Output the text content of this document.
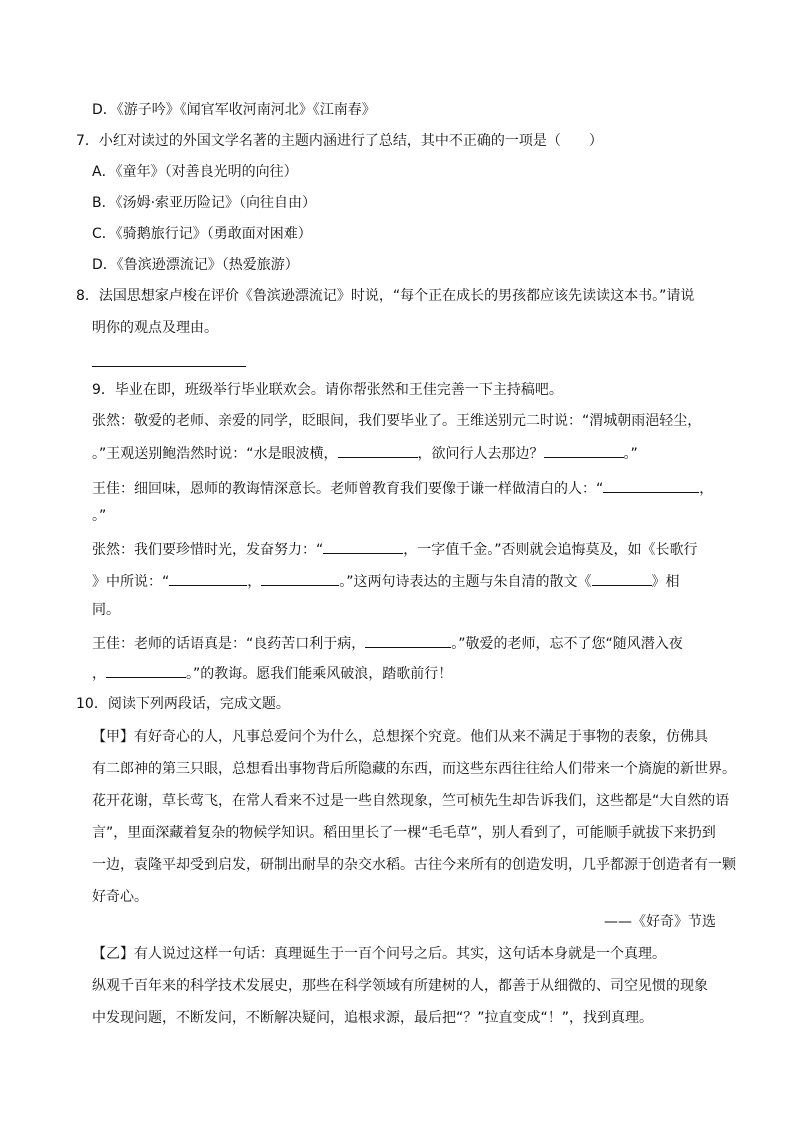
D．《游子吟》《闻官军收河南河北》《江南春》
7．小红对读过的外国文学名著的主题内涵进行了总结，其中不正确的一项是（　　）
A．《童年》（对善良光明的向往）
B．《汤姆·索亚历险记》（向往自由）
C．《骑鹅旅行记》（勇敢面对困难）
D．《鲁滨逊漂流记》（热爱旅游）
8．法国思想家卢梭在评价《鲁滨逊漂流记》时说，“每个正在成长的男孩都应该先读读这本书。”请说
明你的观点及理由。
9．毕业在即，班级举行毕业联欢会。请你帮张然和王佳完善一下主持稿吧。
张然：敬爱的老师、亲爱的同学，眨眼间，我们要毕业了。王维送别元二时说：“渭城朝雨浥轻尘，
。”王观送别鲍浩然时说：“水是眼波横，	，欲问行人去那边？	。”
王佳：细回味，恩师的教诲情深意长。老师曾教育我们要像于谦一样做清白的人：“	，
。”
张然：我们要珍惜时光，发奋努力：“	，一字值千金。”否则就会追悔莫及，如《长歌行
》中所说：“	，	。”这两句诗表达的主题与朱自清的散文《	》相
同。
王佳：老师的话语真是：“良药苦口利于病，	。”敬爱的老师，忘不了您“随风潜入夜
，	。”的教诲。愿我们能乘风破浪，踏歌前行！
10．阅读下列两段话，完成文题。
【甲】有好奇心的人，凡事总爱问个为什么，总想探个究竟。他们从来不满足于事物的表象，仿佛具
有二郎神的第三只眼，总想看出事物背后所隐藏的东西，而这些东西往往给人们带来一个旖旎的新世界。
花开花谢，草长莺飞，在常人看来不过是一些自然现象，竺可桢先生却告诉我们，这些都是“大自然的语
言”，里面深藏着复杂的物候学知识。稻田里长了一棵“毛毛草”，别人看到了，可能顺手就拔下来扔到
一边，袁隆平却受到启发，研制出耐旱的杂交水稻。古往今来所有的创造发明，几乎都源于创造者有一颗
好奇心。
——《好奇》节选
【乙】有人说过这样一句话：真理诞生于一百个问号之后。其实，这句话本身就是一个真理。
纵观千百年来的科学技术发展史，那些在科学领域有所建树的人，都善于从细微的、司空见惯的现象
中发现问题，不断发问，不断解决疑问，追根求源，最后把“？”拉直变成“！”，找到真理。
